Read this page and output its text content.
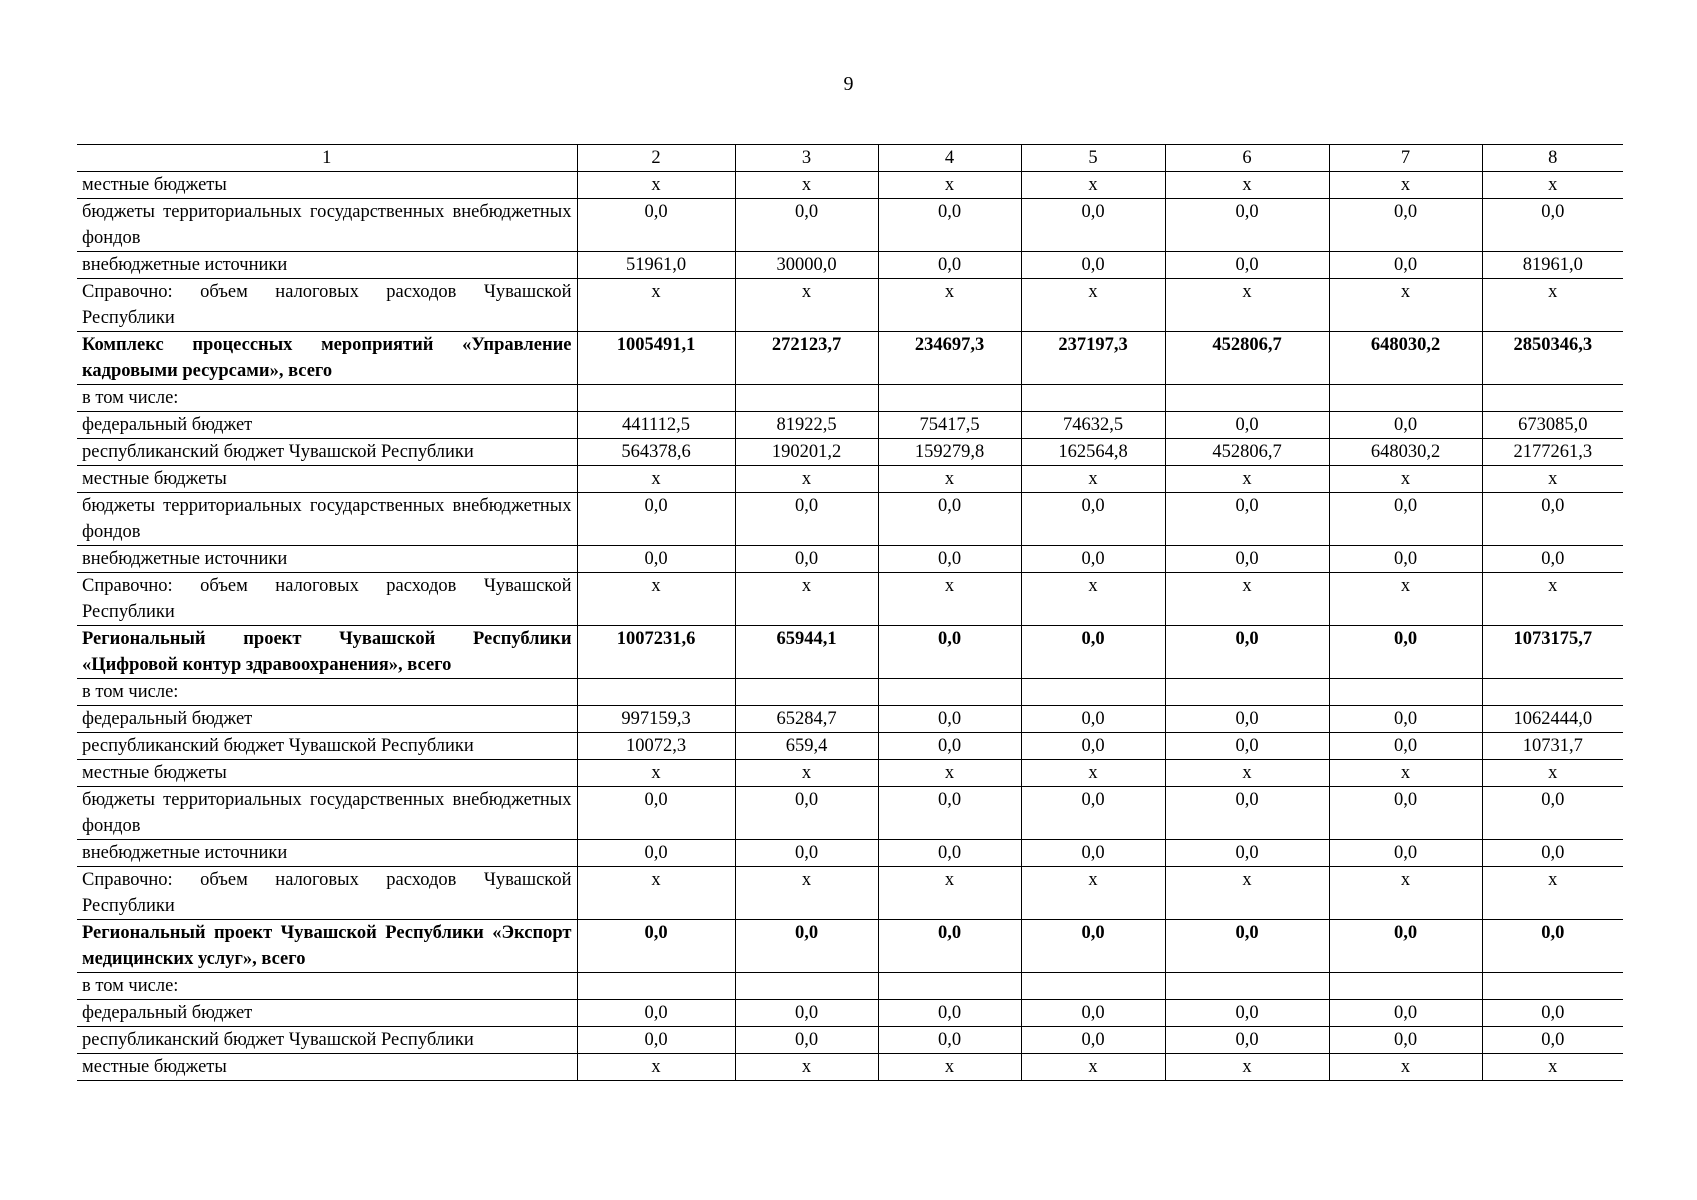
9
1	2	3	4	5	6	7	8
местные бюджеты	x	x	x	x	x	x	x
бюджеты территориальных государственных внебюджетных фондов	0,0	0,0	0,0	0,0	0,0	0,0	0,0
внебюджетные источники	51961,0	30000,0	0,0	0,0	0,0	0,0	81961,0
Справочно: объем налоговых расходов Чувашской Республики	x	x	x	x	x	x	x
Комплекс процессных мероприятий «Управление кадровыми ресурсами», всего	1005491,1	272123,7	234697,3	237197,3	452806,7	648030,2	2850346,3
в том числе:							
федеральный бюджет	441112,5	81922,5	75417,5	74632,5	0,0	0,0	673085,0
республиканский бюджет Чувашской Республики	564378,6	190201,2	159279,8	162564,8	452806,7	648030,2	2177261,3
местные бюджеты	x	x	x	x	x	x	x
бюджеты территориальных государственных внебюджетных фондов	0,0	0,0	0,0	0,0	0,0	0,0	0,0
внебюджетные источники	0,0	0,0	0,0	0,0	0,0	0,0	0,0
Справочно: объем налоговых расходов Чувашской Республики	x	x	x	x	x	x	x
Региональный проект Чувашской Республики «Цифровой контур здравоохранения», всего	1007231,6	65944,1	0,0	0,0	0,0	0,0	1073175,7
в том числе:							
федеральный бюджет	997159,3	65284,7	0,0	0,0	0,0	0,0	1062444,0
республиканский бюджет Чувашской Республики	10072,3	659,4	0,0	0,0	0,0	0,0	10731,7
местные бюджеты	x	x	x	x	x	x	x
бюджеты территориальных государственных внебюджетных фондов	0,0	0,0	0,0	0,0	0,0	0,0	0,0
внебюджетные источники	0,0	0,0	0,0	0,0	0,0	0,0	0,0
Справочно: объем налоговых расходов Чувашской Республики	x	x	x	x	x	x	x
Региональный проект Чувашской Республики «Экспорт медицинских услуг», всего	0,0	0,0	0,0	0,0	0,0	0,0	0,0
в том числе:							
федеральный бюджет	0,0	0,0	0,0	0,0	0,0	0,0	0,0
республиканский бюджет Чувашской Республики	0,0	0,0	0,0	0,0	0,0	0,0	0,0
местные бюджеты	x	x	x	x	x	x	x
